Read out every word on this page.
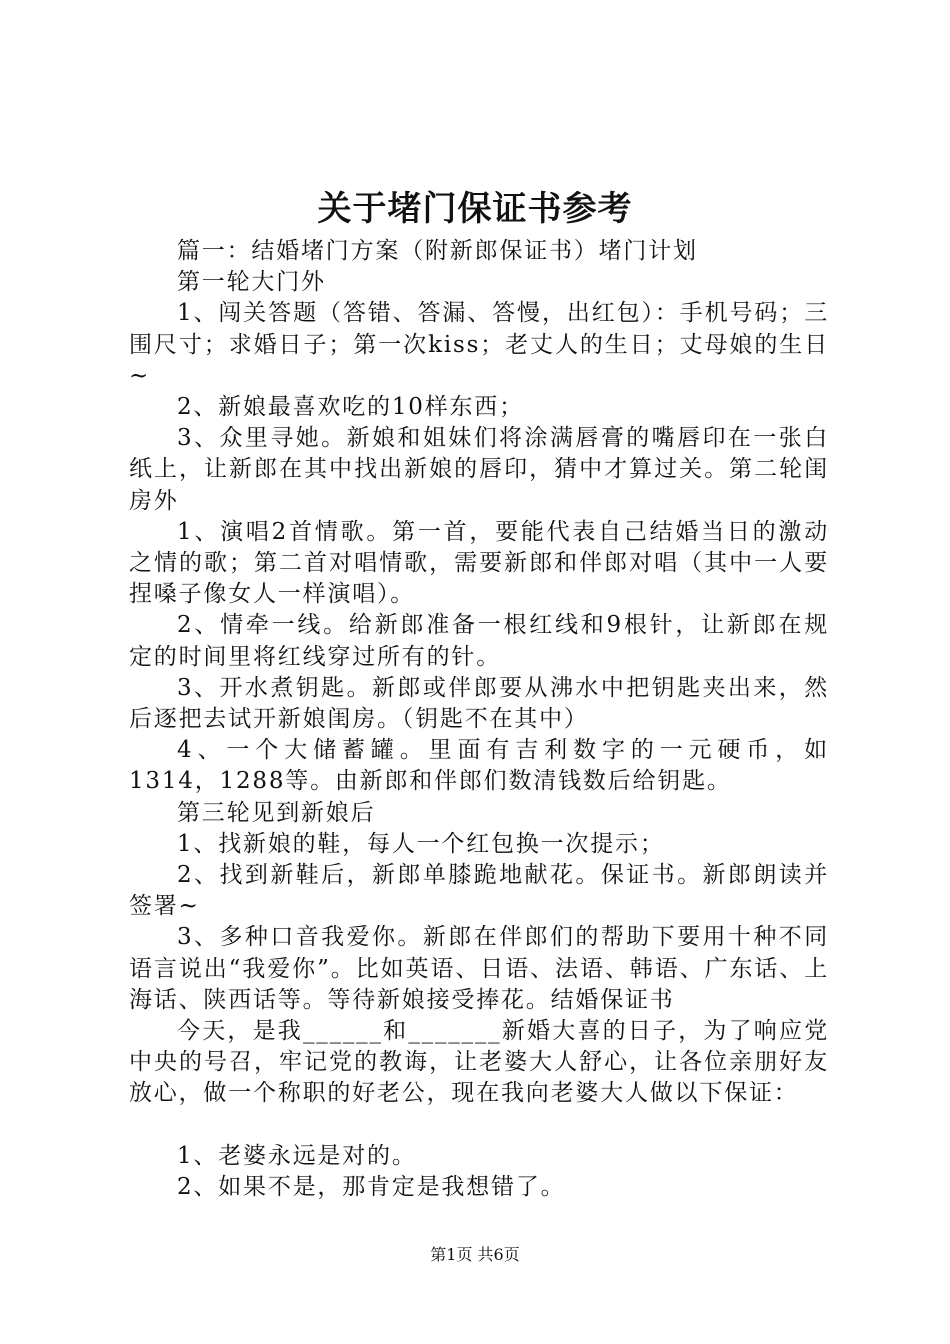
关于堵门保证书参考

篇一：结婚堵门方案（附新郎保证书）堵门计划

第一轮大门外

1、闯关答题（答错、答漏、答慢，出红包）：手机号码；三围尺寸；求婚日子；第一次kiss；老丈人的生日；丈母娘的生日~

2、新娘最喜欢吃的10样东西；

3、众里寻她。新娘和姐妹们将涂满唇膏的嘴唇印在一张白纸上，让新郎在其中找出新娘的唇印，猜中才算过关。第二轮闺房外

1、演唱2首情歌。第一首，要能代表自己结婚当日的激动之情的歌；第二首对唱情歌，需要新郎和伴郎对唱（其中一人要捏嗓子像女人一样演唱）。

2、情牵一线。给新郎准备一根红线和9根针，让新郎在规定的时间里将红线穿过所有的针。

3、开水煮钥匙。新郎或伴郎要从沸水中把钥匙夹出来，然后逐把去试开新娘闺房。（钥匙不在其中）

4、一个大储蓄罐。里面有吉利数字的一元硬币，如1314，1288等。由新郎和伴郎们数清钱数后给钥匙。

第三轮见到新娘后

1、找新娘的鞋，每人一个红包换一次提示；

2、找到新鞋后，新郎单膝跪地献花。保证书。新郎朗读并签署~

3、多种口音我爱你。新郎在伴郎们的帮助下要用十种不同语言说出“我爱你”。比如英语、日语、法语、韩语、广东话、上海话、陕西话等。等待新娘接受捧花。结婚保证书

今天，是我______和_______新婚大喜的日子，为了响应党中央的号召，牢记党的教诲，让老婆大人舒心，让各位亲朋好友放心，做一个称职的好老公，现在我向老婆大人做以下保证：

1、老婆永远是对的。

2、如果不是，那肯定是我想错了。

第1页 共6页
